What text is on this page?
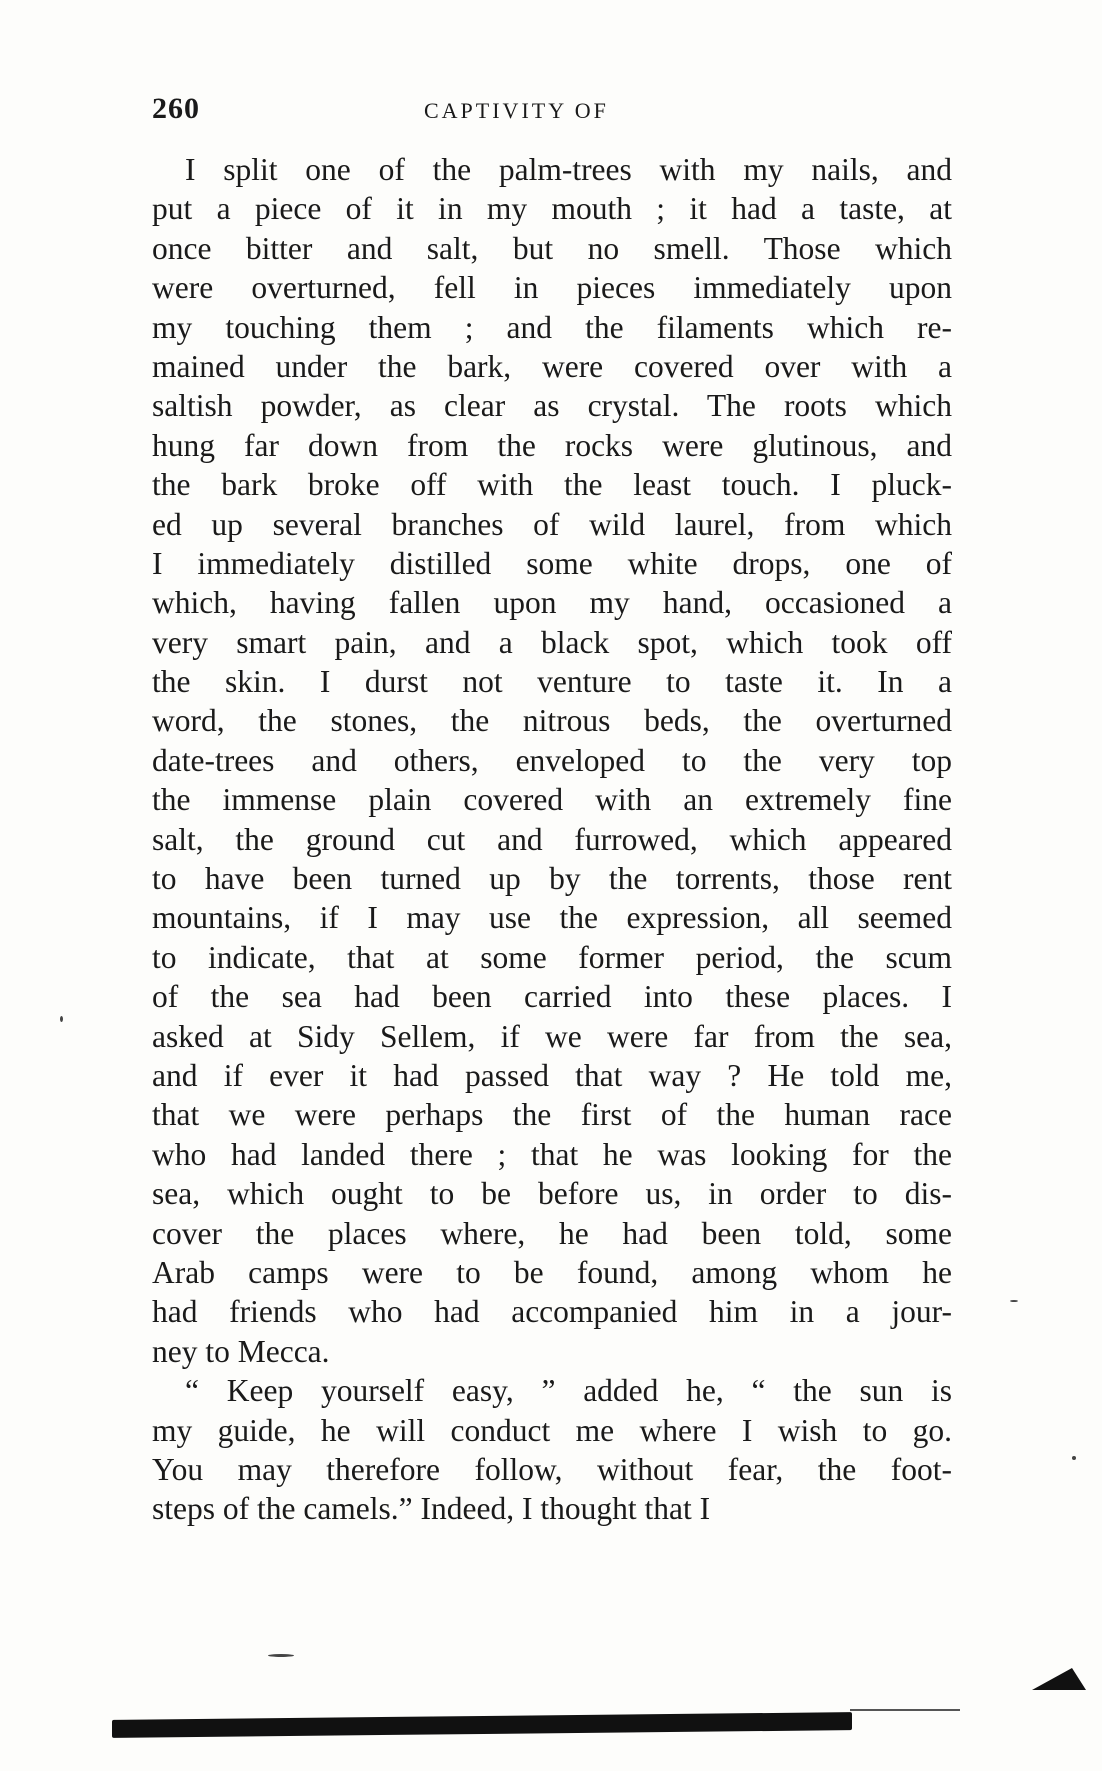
260	CAPTIVITY OF
I split one of the palm-trees with my nails, and
put a piece of it in my mouth ; it had a taste, at
once bitter and salt, but no smell. Those which
were overturned, fell in pieces immediately upon
my touching them ; and the filaments which re-
mained under the bark, were covered over with a
saltish powder, as clear as crystal. The roots which
hung far down from the rocks were glutinous, and
the bark broke off with the least touch. I pluck-
ed up several branches of wild laurel, from which
I immediately distilled some white drops, one of
which, having fallen upon my hand, occasioned a
very smart pain, and a black spot, which took off
the skin. I durst not venture to taste it. In a
word, the stones, the nitrous beds, the overturned
date-trees and others, enveloped to the very top
the immense plain covered with an extremely fine
salt, the ground cut and furrowed, which appeared
to have been turned up by the torrents, those rent
mountains, if I may use the expression, all seemed
to indicate, that at some former period, the scum
of the sea had been carried into these places. I
asked at Sidy Sellem, if we were far from the sea,
and if ever it had passed that way ? He told me,
that we were perhaps the first of the human race
who had landed there ; that he was looking for the
sea, which ought to be before us, in order to dis-
cover the places where, he had been told, some
Arab camps were to be found, among whom he
had friends who had accompanied him in a jour-
ney to Mecca.
“ Keep yourself easy, ” added he, “ the sun is
my guide, he will conduct me where I wish to go.
You may therefore follow, without fear, the foot-
steps of the camels.” Indeed, I thought that I
